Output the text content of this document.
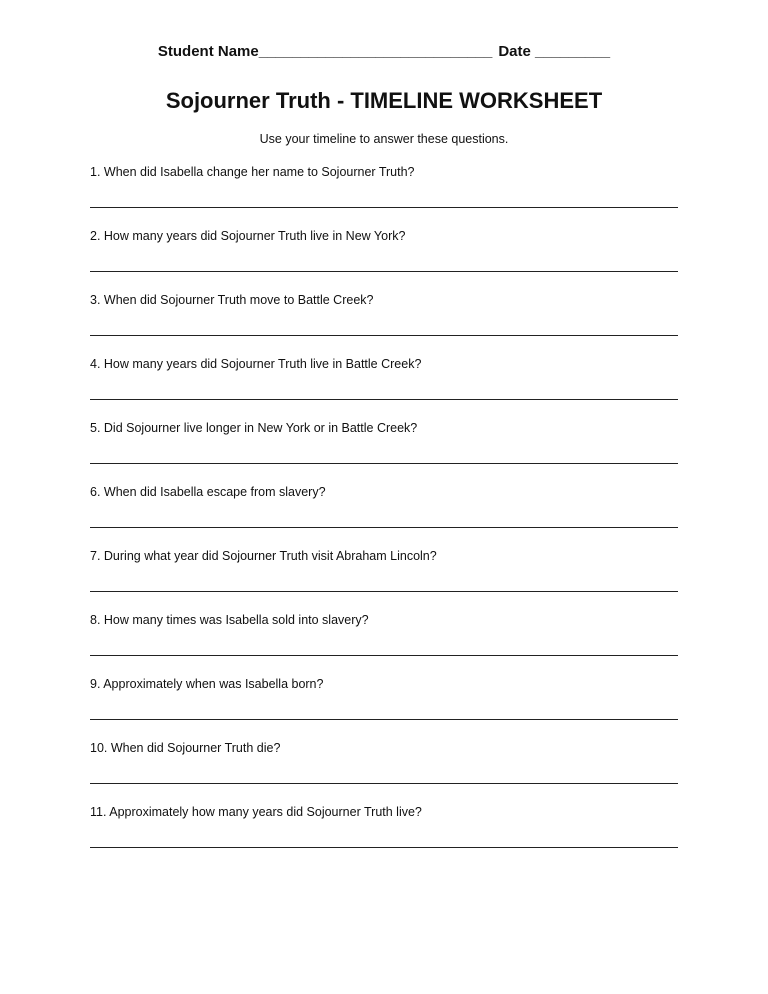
Student Name____________________________ Date _________
Sojourner Truth - TIMELINE WORKSHEET
Use your timeline to answer these questions.
1. When did Isabella change her name to Sojourner Truth?
2. How many years did Sojourner Truth live in New York?
3. When did Sojourner Truth move to Battle Creek?
4. How many years did Sojourner Truth live in Battle Creek?
5. Did Sojourner live longer in New York or in Battle Creek?
6. When did Isabella escape from slavery?
7. During what year did Sojourner Truth visit Abraham Lincoln?
8. How many times was Isabella sold into slavery?
9. Approximately when was Isabella born?
10. When did Sojourner Truth die?
11. Approximately how many years did Sojourner Truth live?
